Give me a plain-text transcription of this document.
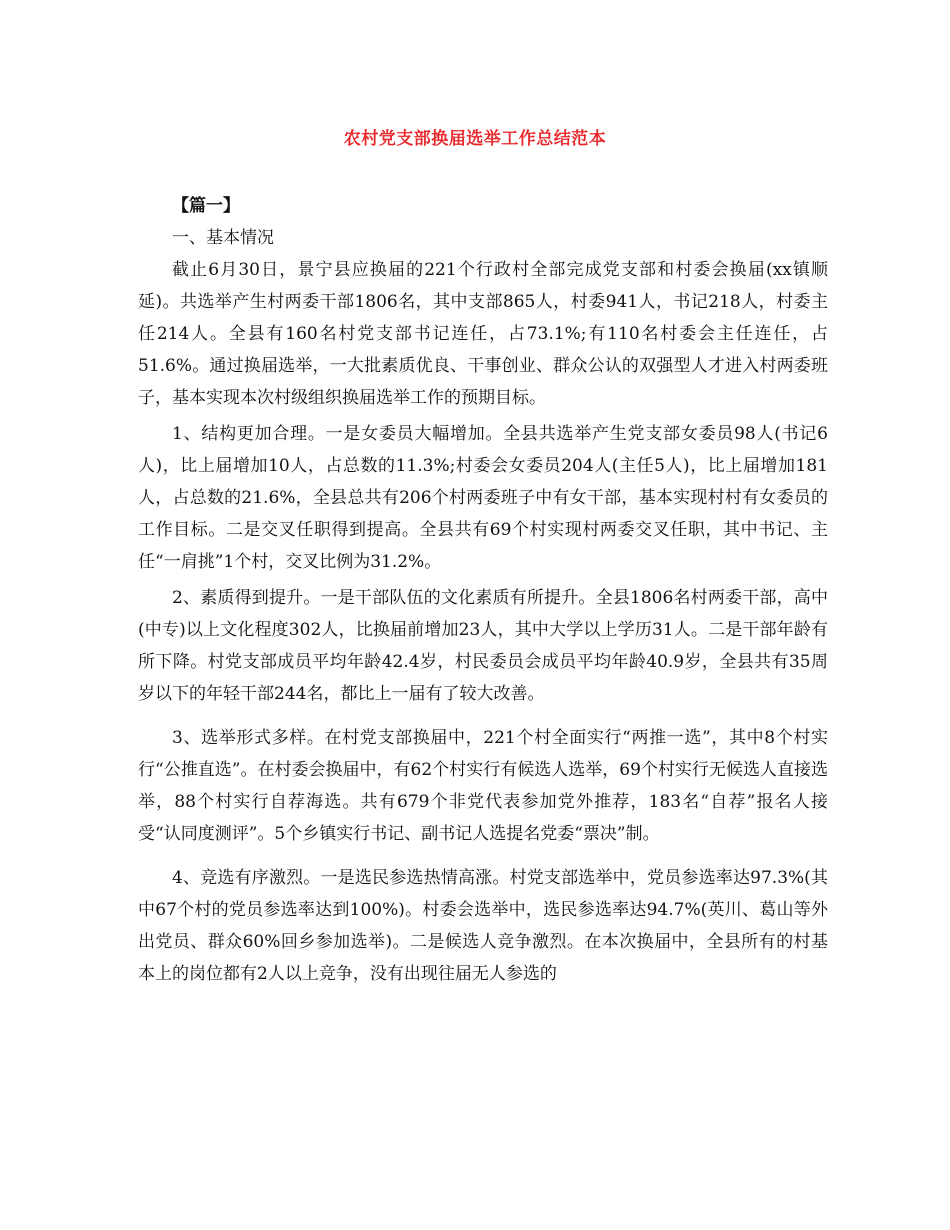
农村党支部换届选举工作总结范本

【篇一】

一、基本情况

截止6月30日，景宁县应换届的221个行政村全部完成党支部和村委会换届(xx镇顺延)。共选举产生村两委干部1806名，其中支部865人，村委941人，书记218人，村委主任214人。全县有160名村党支部书记连任，占73.1%;有110名村委会主任连任，占51.6%。通过换届选举，一大批素质优良、干事创业、群众公认的双强型人才进入村两委班子，基本实现本次村级组织换届选举工作的预期目标。

1、结构更加合理。一是女委员大幅增加。全县共选举产生党支部女委员98人(书记6人)，比上届增加10人，占总数的11.3%;村委会女委员204人(主任5人)，比上届增加181人，占总数的21.6%，全县总共有206个村两委班子中有女干部，基本实现村村有女委员的工作目标。二是交叉任职得到提高。全县共有69个村实现村两委交叉任职，其中书记、主任“一肩挑”1个村，交叉比例为31.2%。

2、素质得到提升。一是干部队伍的文化素质有所提升。全县1806名村两委干部，高中(中专)以上文化程度302人，比换届前增加23人，其中大学以上学历31人。二是干部年龄有所下降。村党支部成员平均年龄42.4岁，村民委员会成员平均年龄40.9岁，全县共有35周岁以下的年轻干部244名，都比上一届有了较大改善。

3、选举形式多样。在村党支部换届中，221个村全面实行“两推一选”，其中8个村实行“公推直选”。在村委会换届中，有62个村实行有候选人选举，69个村实行无候选人直接选举，88个村实行自荐海选。共有679个非党代表参加党外推荐，183名“自荐”报名人接受“认同度测评”。5个乡镇实行书记、副书记人选提名党委“票决”制。

4、竞选有序激烈。一是选民参选热情高涨。村党支部选举中，党员参选率达97.3%(其中67个村的党员参选率达到100%)。村委会选举中，选民参选率达94.7%(英川、葛山等外出党员、群众60%回乡参加选举)。二是候选人竞争激烈。在本次换届中，全县所有的村基本上的岗位都有2人以上竞争，没有出现往届无人参选的
